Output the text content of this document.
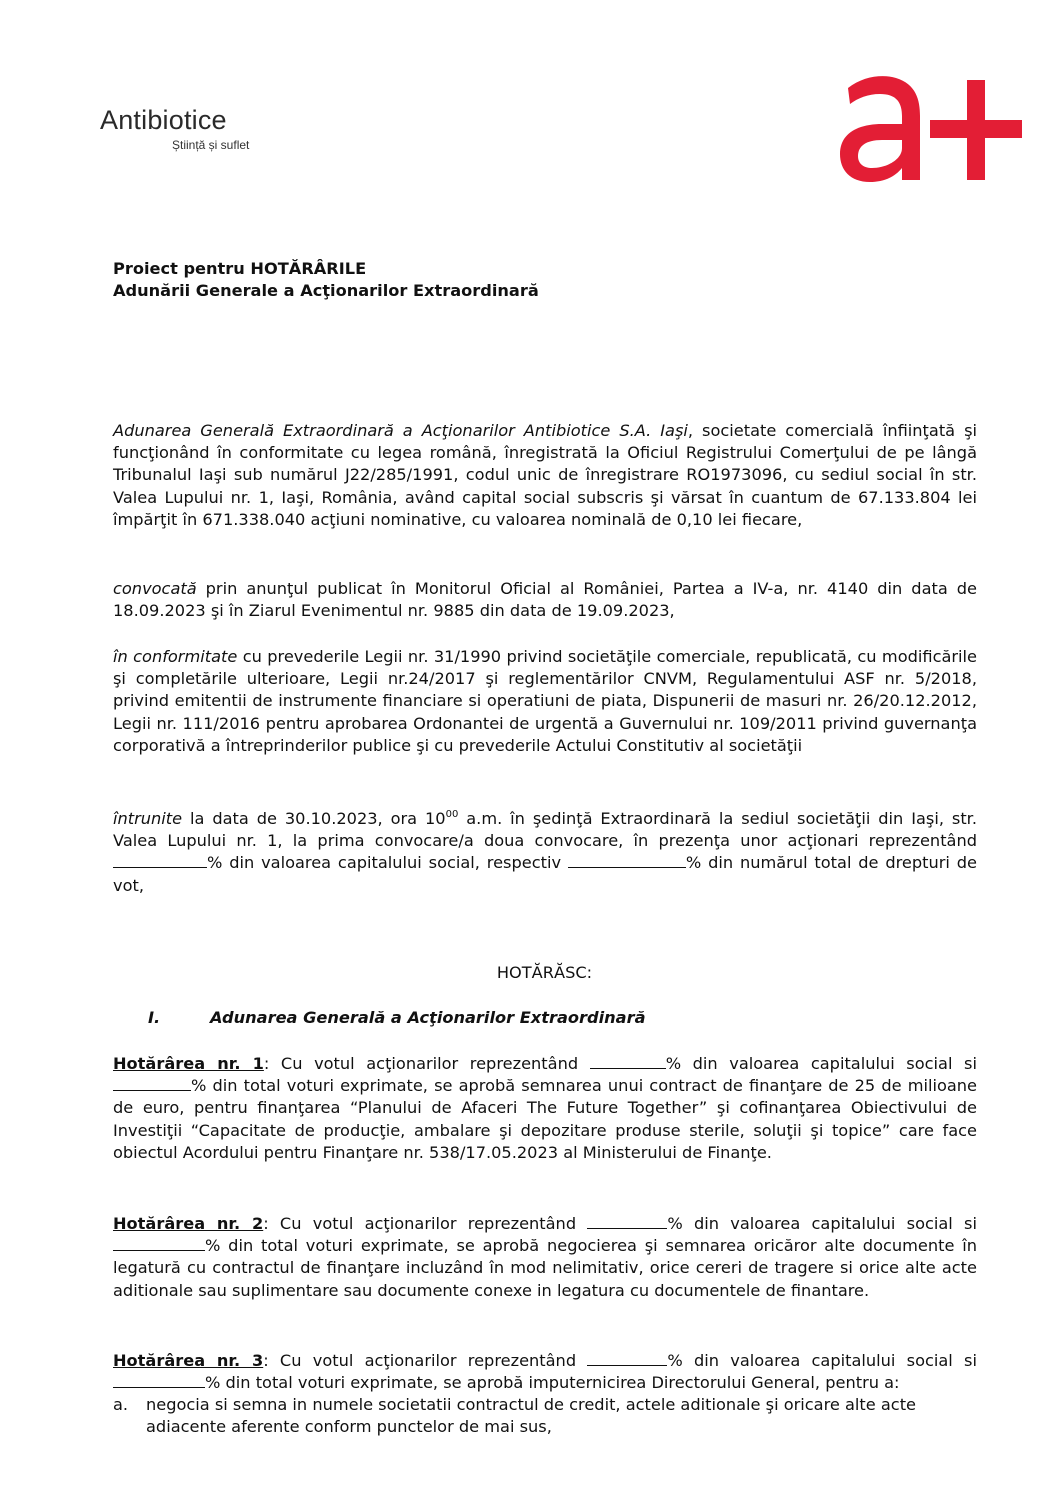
Antibiotice
Știință și suflet
Proiect pentru HOTĂRÂRILE
Adunării Generale a Acţionarilor Extraordinară
Adunarea Generală Extraordinară a Acţionarilor Antibiotice S.A. Iaşi, societate comercială înfiinţată şi funcţionând în conformitate cu legea română, înregistrată la Oficiul Registrului Comerţului de pe lângă Tribunalul Iaşi sub numărul J22/285/1991, codul unic de înregistrare RO1973096, cu sediul social în str. Valea Lupului nr. 1, Iaşi, România, având capital social subscris şi vărsat în cuantum de 67.133.804 lei împărţit în 671.338.040 acţiuni nominative, cu valoarea nominală de 0,10 lei fiecare,
convocată prin anunţul publicat în Monitorul Oficial al României, Partea a IV-a, nr. 4140 din data de 18.09.2023 şi în Ziarul Evenimentul nr. 9885 din data de 19.09.2023,
în conformitate cu prevederile Legii nr. 31/1990 privind societăţile comerciale, republicată, cu modificările şi completările ulterioare, Legii nr.24/2017 şi reglementărilor CNVM, Regulamentului ASF nr. 5/2018, privind emitentii de instrumente financiare si operatiuni de piata, Dispunerii de masuri nr. 26/20.12.2012, Legii nr. 111/2016 pentru aprobarea Ordonantei de urgentă a Guvernului nr. 109/2011 privind guvernanţa corporativă a întreprinderilor publice şi cu prevederile Actului Constitutiv al societăţii
întrunite la data de 30.10.2023, ora $10^{00}$ a.m. în şedinţă Extraordinară la sediul societăţii din Iaşi, str. Valea Lupului nr. 1, la prima convocare/a doua convocare, în prezenţa unor acţionari reprezentând % din valoarea capitalului social, respectiv	% din numărul total de drepturi de vot,
HOTĂRĂSC:
I.	Adunarea Generală a Acţionarilor Extraordinară
Hotărârea nr. 1: Cu votul acţionarilor reprezentând	% din valoarea capitalului social si % din total voturi exprimate, se aprobă semnarea unui contract de finanţare de 25 de milioane de euro, pentru finanţarea “Planului de Afaceri The Future Together” şi cofinanţarea Obiectivului de Investiţii “Capacitate de producţie, ambalare şi depozitare produse sterile, soluţii şi topice” care face obiectul Acordului pentru Finanţare nr. 538/17.05.2023 al Ministerului de Finanţe.
Hotărârea nr. 2: Cu votul acţionarilor reprezentând	% din valoarea capitalului social si % din total voturi exprimate, se aprobă negocierea şi semnarea oricăror alte documente în legatură cu contractul de finanţare incluzând în mod nelimitativ, orice cereri de tragere si orice alte acte aditionale sau suplimentare sau documente conexe in legatura cu documentele de finantare.
Hotărârea nr. 3: Cu votul acţionarilor reprezentând	% din valoarea capitalului social si % din total voturi exprimate, se aprobă imputernicirea Directorului General, pentru a:
a.	negocia si semna in numele societatii contractul de credit, actele aditionale şi oricare alte acte adiacente aferente conform punctelor de mai sus,
